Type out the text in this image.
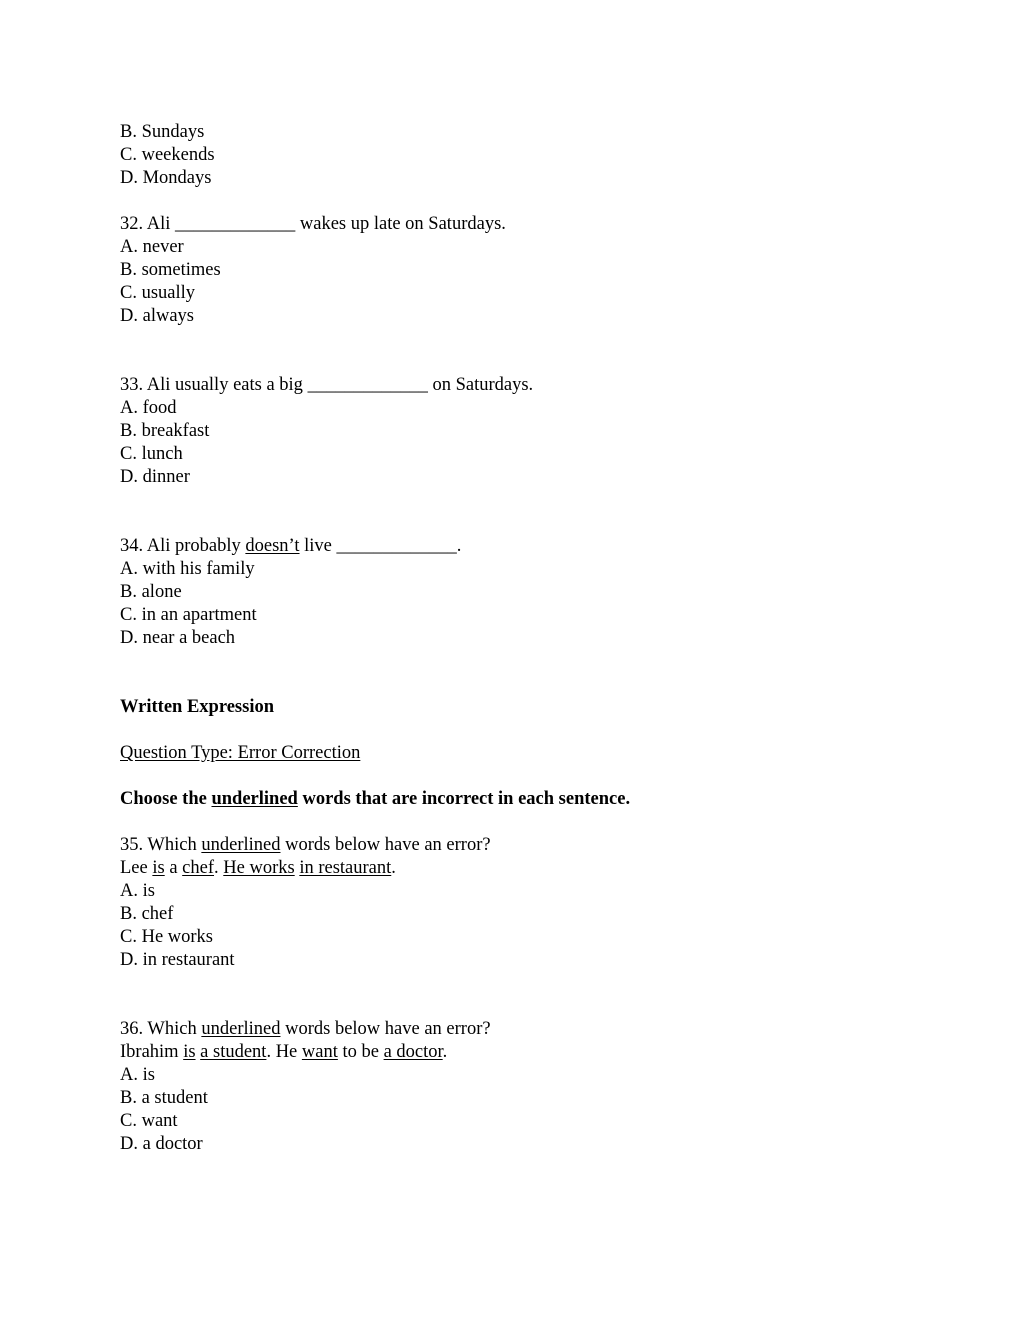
B. Sundays
C. weekends
D. Mondays
32. Ali _____________ wakes up late on Saturdays.
A. never
B. sometimes
C. usually
D. always
33. Ali usually eats a big _____________ on Saturdays.
A. food
B. breakfast
C. lunch
D. dinner
34. Ali probably doesn’t live _____________.
A. with his family
B. alone
C. in an apartment
D. near a beach
Written Expression
Question Type: Error Correction
Choose the underlined words that are incorrect in each sentence.
35. Which underlined words below have an error?
Lee is a chef. He works in restaurant.
A. is
B. chef
C. He works
D. in restaurant
36. Which underlined words below have an error?
Ibrahim is a student. He want to be a doctor.
A. is
B. a student
C. want
D. a doctor
